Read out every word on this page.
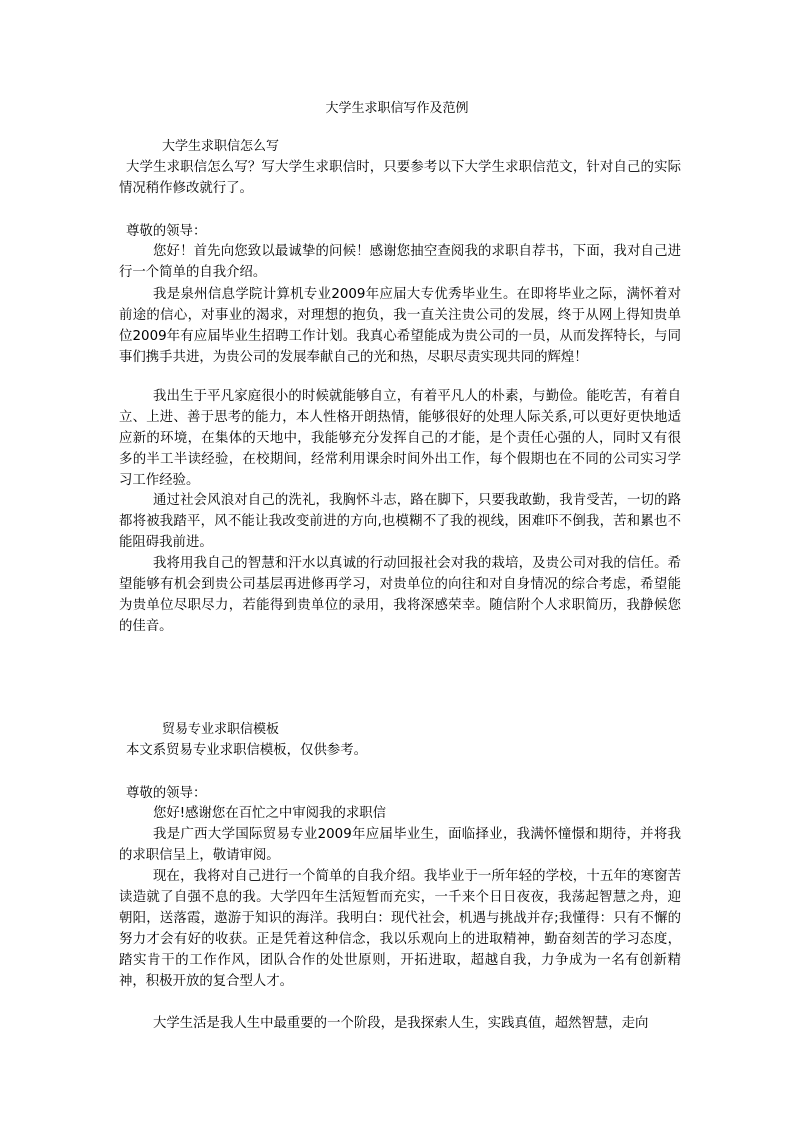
大学生求职信写作及范例
大学生求职信怎么写
大学生求职信怎么写？写大学生求职信时，只要参考以下大学生求职信范文，针对自己的实际情况稍作修改就行了。
尊敬的领导：
您好！首先向您致以最诚挚的问候！感谢您抽空查阅我的求职自荐书，下面，我对自己进行一个简单的自我介绍。
我是泉州信息学院计算机专业2009年应届大专优秀毕业生。在即将毕业之际，满怀着对前途的信心，对事业的渴求，对理想的抱负，我一直关注贵公司的发展，终于从网上得知贵单位2009年有应届毕业生招聘工作计划。我真心希望能成为贵公司的一员，从而发挥特长，与同事们携手共进，为贵公司的发展奉献自己的光和热，尽职尽责实现共同的辉煌！
我出生于平凡家庭很小的时候就能够自立，有着平凡人的朴素，与勤俭。能吃苦，有着自立、上进、善于思考的能力，本人性格开朗热情，能够很好的处理人际关系,可以更好更快地适应新的环境，在集体的天地中，我能够充分发挥自己的才能，是个责任心强的人，同时又有很多的半工半读经验，在校期间，经常利用课余时间外出工作，每个假期也在不同的公司实习学习工作经验。
通过社会风浪对自己的洗礼，我胸怀斗志，路在脚下，只要我敢勤，我肯受苦，一切的路都将被我踏平，风不能让我改变前进的方向,也模糊不了我的视线，困难吓不倒我，苦和累也不能阻碍我前进。
我将用我自己的智慧和汗水以真诚的行动回报社会对我的栽培，及贵公司对我的信任。希望能够有机会到贵公司基层再进修再学习，对贵单位的向往和对自身情况的综合考虑，希望能为贵单位尽职尽力，若能得到贵单位的录用，我将深感荣幸。随信附个人求职简历，我静候您的佳音。
贸易专业求职信模板
本文系贸易专业求职信模板，仅供参考。
尊敬的领导：
您好!感谢您在百忙之中审阅我的求职信
我是广西大学国际贸易专业2009年应届毕业生，面临择业，我满怀憧憬和期待，并将我的求职信呈上，敬请审阅。
现在，我将对自己进行一个简单的自我介绍。我毕业于一所年轻的学校，十五年的寒窗苦读造就了自强不息的我。大学四年生活短暂而充实，一千来个日日夜夜，我荡起智慧之舟，迎朝阳，送落霞，遨游于知识的海洋。我明白：现代社会，机遇与挑战并存;我懂得：只有不懈的努力才会有好的收获。正是凭着这种信念，我以乐观向上的进取精神，勤奋刻苦的学习态度，踏实肯干的工作作风，团队合作的处世原则，开拓进取，超越自我，力争成为一名有创新精神，积极开放的复合型人才。
大学生活是我人生中最重要的一个阶段，是我探索人生，实践真值，超然智慧，走向
